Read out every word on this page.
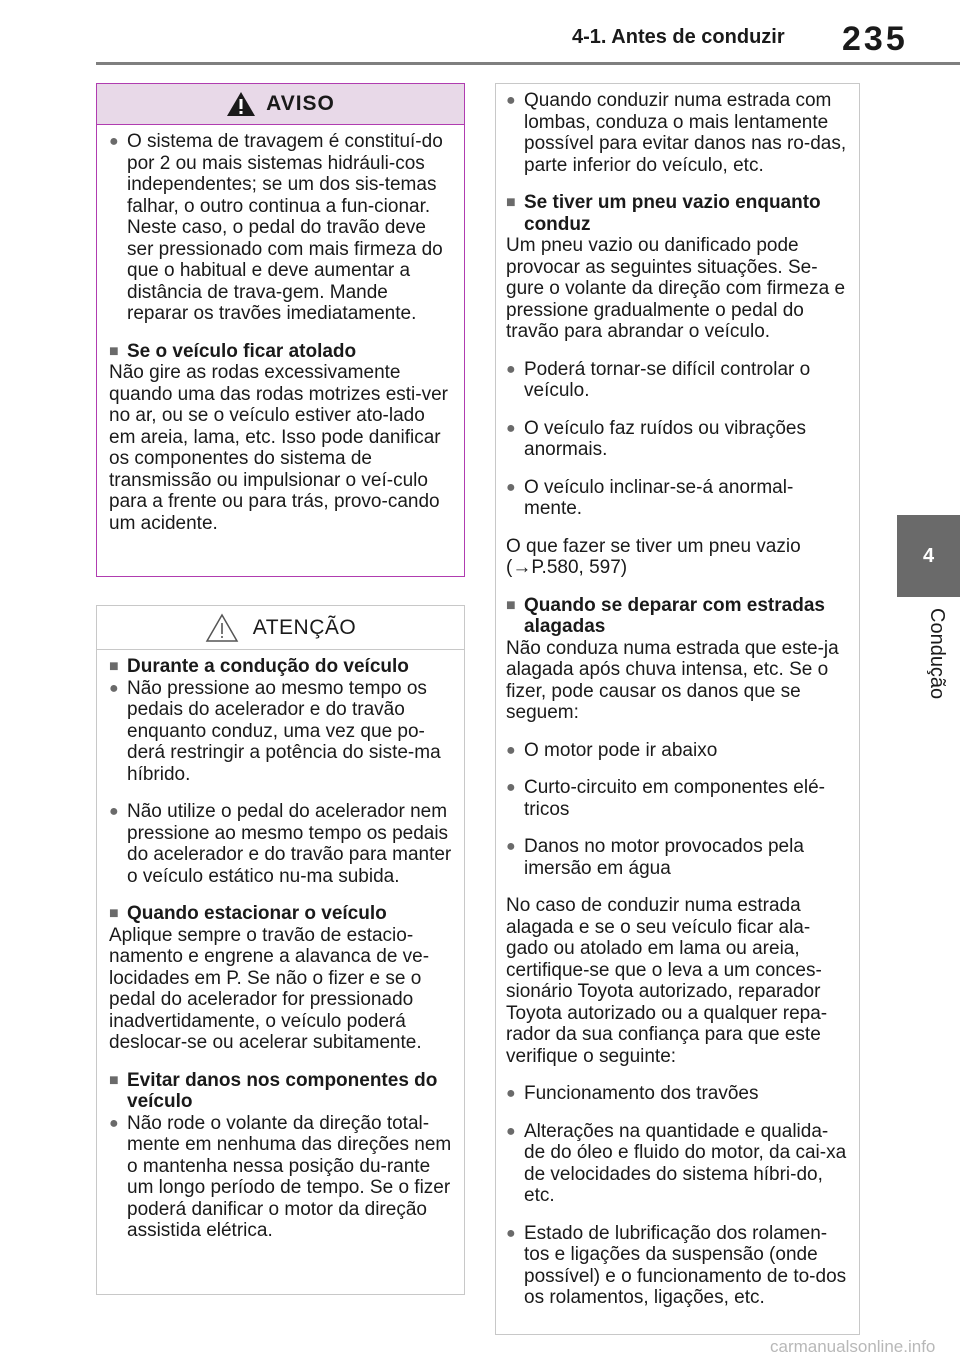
4-1. Antes de conduzir 235
4
Condução
AVISO
● O sistema de travagem é constituí-do por 2 ou mais sistemas hidráuli-cos independentes; se um dos sis-temas falhar, o outro continua a fun-cionar. Neste caso, o pedal do travão deve ser pressionado com mais firmeza do que o habitual e deve aumentar a distância de trava-gem. Mande reparar os travões imediatamente.
■ Se o veículo ficar atolado

Não gire as rodas excessivamente quando uma das rodas motrizes esti-ver no ar, ou se o veículo estiver ato-lado em areia, lama, etc. Isso pode danificar os componentes do sistema de transmissão ou impulsionar o veí-culo para a frente ou para trás, provo-cando um acidente.

ATENÇÃO
■ Durante a condução do veículo
● Não pressione ao mesmo tempo os pedais do acelerador e do travão enquanto conduz, uma vez que po-derá restringir a potência do siste-ma híbrido.
● Não utilize o pedal do acelerador nem pressione ao mesmo tempo os pedais do acelerador e do travão para manter o veículo estático nu-ma subida.
■ Quando estacionar o veículo

Aplique sempre o travão de estacio-namento e engrene a alavanca de ve-locidades em P. Se não o fizer e se o pedal do acelerador for pressionado inadvertidamente, o veículo poderá deslocar-se ou acelerar subitamente.

■ Evitar danos nos componentes do veículo
● Não rode o volante da direção total-mente em nenhuma das direções nem o mantenha nessa posição du-rante um longo período de tempo. Se o fizer poderá danificar o motor da direção assistida elétrica.
● Quando conduzir numa estrada com lombas, conduza o mais lentamente possível para evitar danos nas ro-das, parte inferior do veículo, etc.
■ Se tiver um pneu vazio enquanto conduz

Um pneu vazio ou danificado pode provocar as seguintes situações. Se-gure o volante da direção com firmeza e pressione gradualmente o pedal do travão para abrandar o veículo.

● Poderá tornar-se difícil controlar o veículo.
● O veículo faz ruídos ou vibrações anormais.
● O veículo inclinar-se-á anormal-mente.

O que fazer se tiver um pneu vazio (→P.580, 597)

■ Quando se deparar com estradas alagadas

Não conduza numa estrada que este-ja alagada após chuva intensa, etc. Se o fizer, pode causar os danos que se seguem:

● O motor pode ir abaixo
● Curto-circuito em componentes elé-tricos
● Danos no motor provocados pela imersão em água

No caso de conduzir numa estrada alagada e se o seu veículo ficar ala-gado ou atolado em lama ou areia, certifique-se que o leva a um conces-sionário Toyota autorizado, reparador Toyota autorizado ou a qualquer repa-rador da sua confiança para que este verifique o seguinte:

● Funcionamento dos travões
● Alterações na quantidade e qualida-de do óleo e fluido do motor, da cai-xa de velocidades do sistema híbri-do, etc.
● Estado de lubrificação dos rolamen-tos e ligações da suspensão (onde possível) e o funcionamento de to-dos os rolamentos, ligações, etc.
carmanualsonline.info
